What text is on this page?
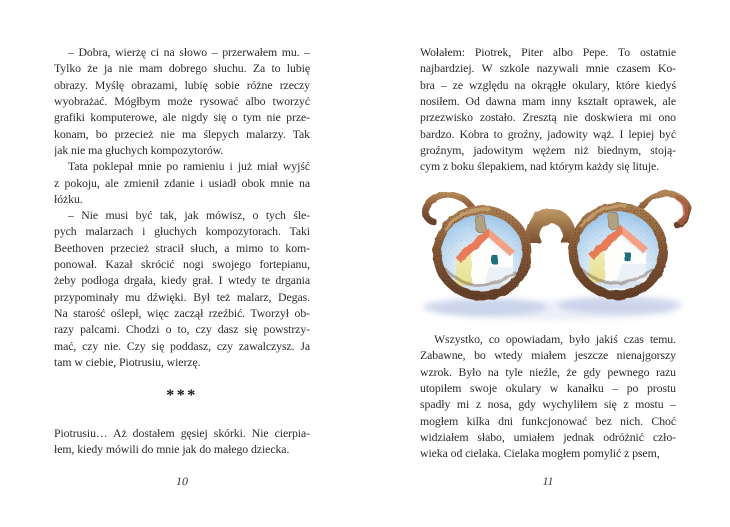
– Dobra, wierzę ci na słowo – przerwałem mu. –
Tylko że ja nie mam dobrego słuchu. Za to lubię
obrazy. Myślę obrazami, lubię sobie różne rzeczy
wyobrażać. Mógłbym może rysować albo tworzyć
grafiki komputerowe, ale nigdy się o tym nie prze-
konam, bo przecież nie ma ślepych malarzy. Tak
jak nie ma głuchych kompozytorów.
Tata poklepał mnie po ramieniu i już miał wyjść
z pokoju, ale zmienił zdanie i usiadł obok mnie na
łóżku.
– Nie musi być tak, jak mówisz, o tych śle-
pych malarzach i głuchych kompozytorach. Taki
Beethoven przecież stracił słuch, a mimo to kom-
ponował. Kazał skrócić nogi swojego fortepianu,
żeby podłoga drgała, kiedy grał. I wtedy te drgania
przypominały mu dźwięki. Był też malarz, Degas.
Na starość oślepł, więc zaczął rzeźbić. Tworzył ob-
razy palcami. Chodzi o to, czy dasz się powstrzy-
mać, czy nie. Czy się poddasz, czy zawalczysz. Ja
tam w ciebie, Piotrusiu, wierzę.
***
Piotrusiu… Aż dostałem gęsiej skórki. Nie cierpia-
łem, kiedy mówili do mnie jak do małego dziecka.
10
Wołałem: Piotrek, Piter albo Pepe. To ostatnie
najbardziej. W szkole nazywali mnie czasem Ko-
bra – ze względu na okrągłe okulary, które kiedyś
nosiłem. Od dawna mam inny kształt oprawek, ale
przezwisko zostało. Zresztą nie doskwiera mi ono
bardzo. Kobra to groźny, jadowity wąż. I lepiej być
groźnym, jadowitym wężem niż biednym, stoją-
cym z boku ślepakiem, nad którym każdy się lituje.
Wszystko, co opowiadam, było jakiś czas temu.
Zabawne, bo wtedy miałem jeszcze nienajgorszy
wzrok. Było na tyle nieźle, że gdy pewnego razu
utopiłem swoje okulary w kanałku – po prostu
spadły mi z nosa, gdy wychyliłem się z mostu –
mogłem kilka dni funkcjonować bez nich. Choć
widziałem słabo, umiałem jednak odróżnić czło-
wieka od cielaka. Cielaka mogłem pomylić z psem,
11
